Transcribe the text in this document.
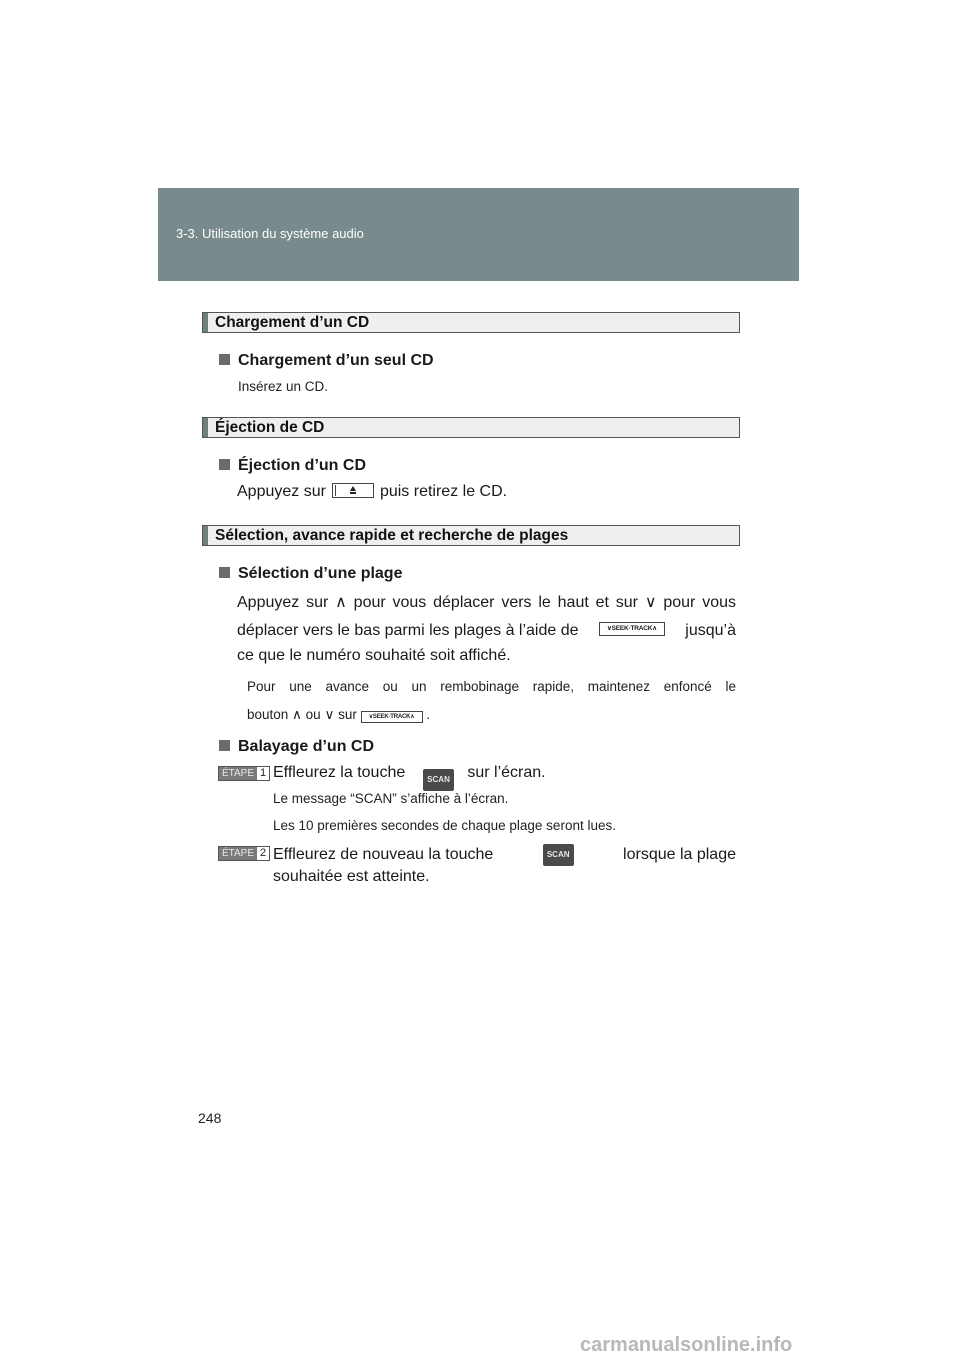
3-3. Utilisation du système audio
Chargement d’un CD
Chargement d’un seul CD
Insérez un CD.
Éjection de CD
Éjection d’un CD
Appuyez sur	puis retirez le CD.
Sélection, avance rapide et recherche de plages
Sélection d’une plage
Appuyez sur ∧ pour vous déplacer vers le haut et sur ∨ pour vous
déplacer vers le bas parmi les plages à l’aide de	∨SEEK·TRACK∧	jusqu’à
ce que le numéro souhaité soit affiché.
Pour une avance ou un rembobinage rapide, maintenez enfoncé le
bouton ∧ ou ∨ sur ∨SEEK·TRACK∧ .
Balayage d’un CD
ÉTAPE 1 Effleurez la touche	SCAN sur l’écran.
Le message “SCAN” s’affiche à l’écran.
Les 10 premières secondes de chaque plage seront lues.
ÉTAPE 2 Effleurez de nouveau la touche	SCAN	lorsque la plage
souhaitée est atteinte.
248
carmanualsonline.info
